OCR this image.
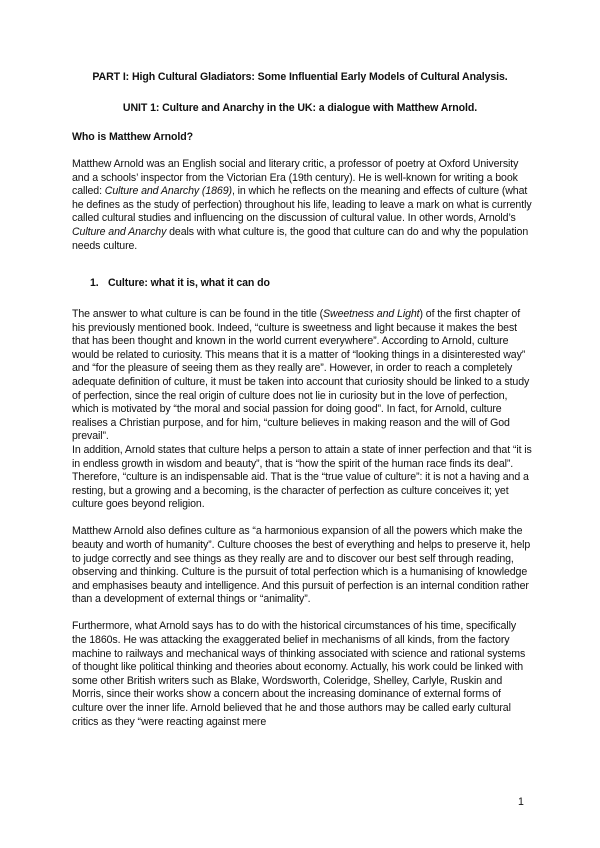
PART I: High Cultural Gladiators: Some Influential Early Models of Cultural Analysis.
UNIT 1: Culture and Anarchy in the UK: a dialogue with Matthew Arnold.
Who is Matthew Arnold?

Matthew Arnold was an English social and literary critic, a professor of poetry at Oxford University and a schools’ inspector from the Victorian Era (19th century). He is well-known for writing a book called: Culture and Anarchy (1869), in which he reflects on the meaning and effects of culture (what he defines as the study of perfection) throughout his life, leading to leave a mark on what is currently called cultural studies and influencing on the discussion of cultural value. In other words, Arnold’s Culture and Anarchy deals with what culture is, the good that culture can do and why the population needs culture.

1. Culture: what it is, what it can do

The answer to what culture is can be found in the title (Sweetness and Light) of the first chapter of his previously mentioned book. Indeed, “culture is sweetness and light because it makes the best that has been thought and known in the world current everywhere”. According to Arnold, culture would be related to curiosity. This means that it is a matter of “looking things in a disinterested way” and “for the pleasure of seeing them as they really are”. However, in order to reach a completely adequate definition of culture, it must be taken into account that curiosity should be linked to a study of perfection, since the real origin of culture does not lie in curiosity but in the love of perfection, which is motivated by “the moral and social passion for doing good”. In fact, for Arnold, culture realises a Christian purpose, and for him, “culture believes in making reason and the will of God prevail”.

In addition, Arnold states that culture helps a person to attain a state of inner perfection and that “it is in endless growth in wisdom and beauty”, that is “how the spirit of the human race finds its deal”. Therefore, “culture is an indispensable aid. That is the “true value of culture”: it is not a having and a resting, but a growing and a becoming, is the character of perfection as culture conceives it; yet culture goes beyond religion.

Matthew Arnold also defines culture as “a harmonious expansion of all the powers which make the beauty and worth of humanity”. Culture chooses the best of everything and helps to preserve it, help to judge correctly and see things as they really are and to discover our best self through reading, observing and thinking. Culture is the pursuit of total perfection which is a humanising of knowledge and emphasises beauty and intelligence. And this pursuit of perfection is an internal condition rather than a development of external things or “animality”.

Furthermore, what Arnold says has to do with the historical circumstances of his time, specifically the 1860s. He was attacking the exaggerated belief in mechanisms of all kinds, from the factory machine to railways and mechanical ways of thinking associated with science and rational systems of thought like political thinking and theories about economy. Actually, his work could be linked with some other British writers such as Blake, Wordsworth, Coleridge, Shelley, Carlyle, Ruskin and Morris, since their works show a concern about the increasing dominance of external forms of culture over the inner life. Arnold believed that he and those authors may be called early cultural critics as they “were reacting against mere

1
